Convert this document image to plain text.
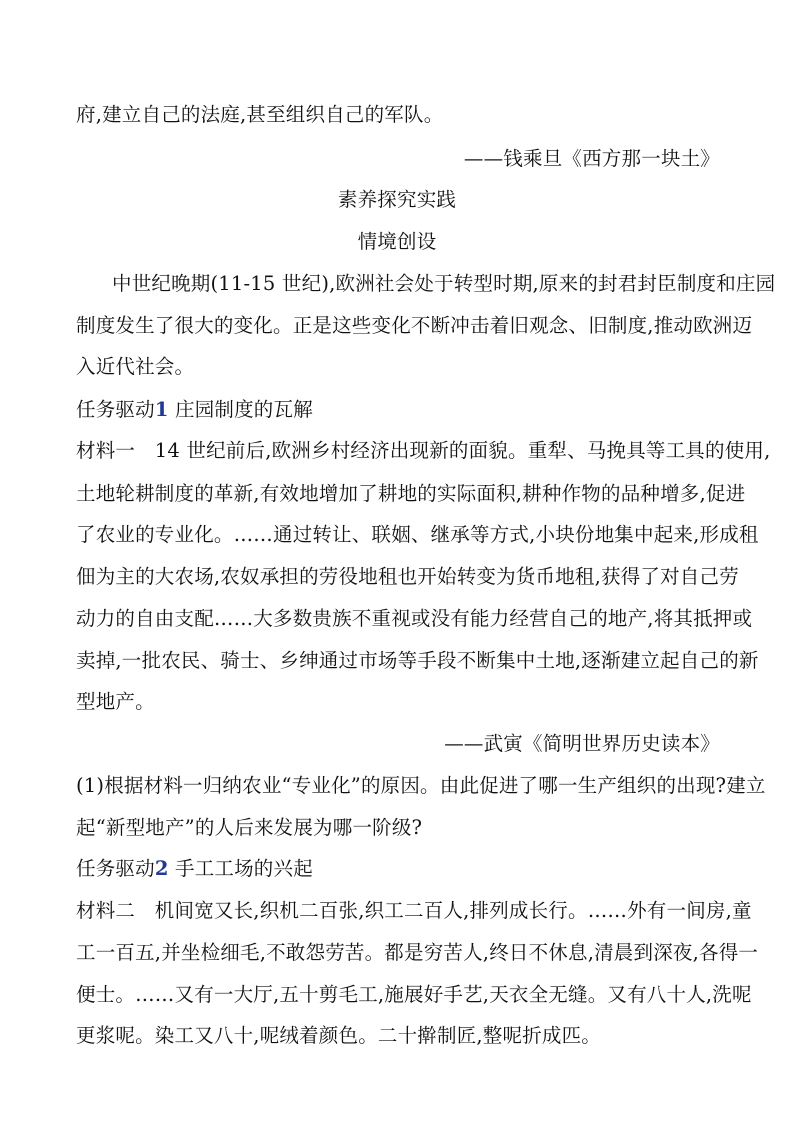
府,建立自己的法庭,甚至组织自己的军队。
——钱乘旦《西方那一块土》
素养探究实践
情境创设
中世纪晚期(11-15 世纪),欧洲社会处于转型时期,原来的封君封臣制度和庄园
制度发生了很大的变化。正是这些变化不断冲击着旧观念、旧制度,推动欧洲迈
入近代社会。
任务驱动1 庄园制度的瓦解
材料一　14 世纪前后,欧洲乡村经济出现新的面貌。重犁、马挽具等工具的使用,
土地轮耕制度的革新,有效地增加了耕地的实际面积,耕种作物的品种增多,促进
了农业的专业化。……通过转让、联姻、继承等方式,小块份地集中起来,形成租
佃为主的大农场,农奴承担的劳役地租也开始转变为货币地租,获得了对自己劳
动力的自由支配……大多数贵族不重视或没有能力经营自己的地产,将其抵押或
卖掉,一批农民、骑士、乡绅通过市场等手段不断集中土地,逐渐建立起自己的新
型地产。
——武寅《简明世界历史读本》
(1)根据材料一归纳农业“专业化”的原因。由此促进了哪一生产组织的出现?建立
起“新型地产”的人后来发展为哪一阶级?
任务驱动2 手工工场的兴起
材料二　机间宽又长,织机二百张,织工二百人,排列成长行。……外有一间房,童
工一百五,并坐检细毛,不敢怨劳苦。都是穷苦人,终日不休息,清晨到深夜,各得一
便士。……又有一大厅,五十剪毛工,施展好手艺,天衣全无缝。又有八十人,洗呢
更浆呢。染工又八十,呢绒着颜色。二十擀制匠,整呢折成匹。
